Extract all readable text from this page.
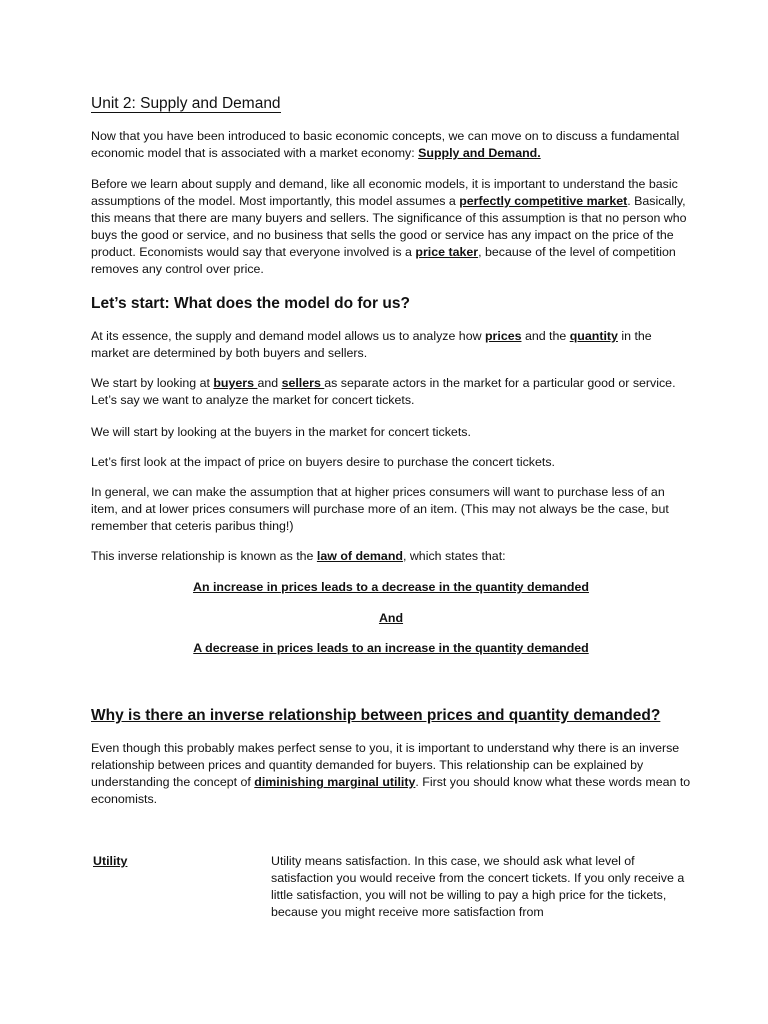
Unit 2: Supply and Demand

Now that you have been introduced to basic economic concepts, we can move on to discuss a fundamental economic model that is associated with a market economy: Supply and Demand.

Before we learn about supply and demand, like all economic models, it is important to understand the basic assumptions of the model. Most importantly, this model assumes a perfectly competitive market. Basically, this means that there are many buyers and sellers. The significance of this assumption is that no person who buys the good or service, and no business that sells the good or service has any impact on the price of the product. Economists would say that everyone involved is a price taker, because of the level of competition removes any control over price.

Let’s start: What does the model do for us?

At its essence, the supply and demand model allows us to analyze how prices and the quantity in the market are determined by both buyers and sellers.

We start by looking at buyers and sellers as separate actors in the market for a particular good or service. Let’s say we want to analyze the market for concert tickets.

We will start by looking at the buyers in the market for concert tickets.

Let’s first look at the impact of price on buyers desire to purchase the concert tickets.

In general, we can make the assumption that at higher prices consumers will want to purchase less of an item, and at lower prices consumers will purchase more of an item. (This may not always be the case, but remember that ceteris paribus thing!)

This inverse relationship is known as the law of demand, which states that:

An increase in prices leads to a decrease in the quantity demanded

And

A decrease in prices leads to an increase in the quantity demanded

Why is there an inverse relationship between prices and quantity demanded?

Even though this probably makes perfect sense to you, it is important to understand why there is an inverse relationship between prices and quantity demanded for buyers. This relationship can be explained by understanding the concept of diminishing marginal utility. First you should know what these words mean to economists.

Utility	Utility means satisfaction. In this case, we should ask what level of satisfaction you would receive from the concert tickets. If you only receive a little satisfaction, you will not be willing to pay a high price for the tickets, because you might receive more satisfaction from
